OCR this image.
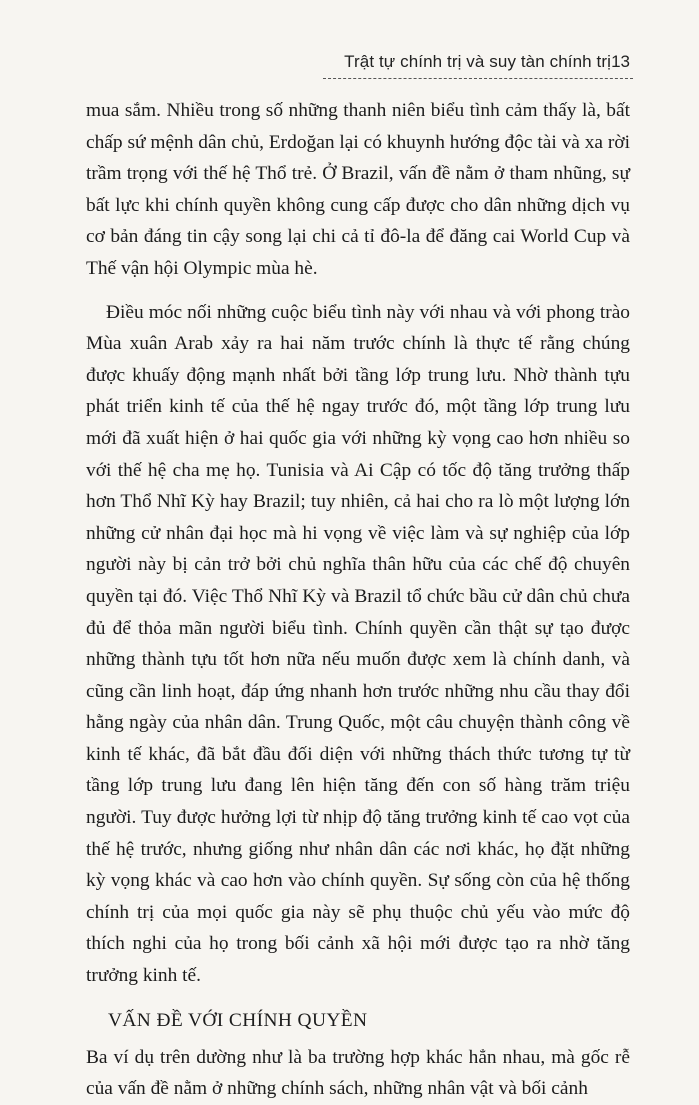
Trật tự chính trị và suy tàn chính trị 13

mua sắm. Nhiều trong số những thanh niên biểu tình cảm thấy là, bất chấp sứ mệnh dân chủ, Erdoğan lại có khuynh hướng độc tài và xa rời trầm trọng với thế hệ Thổ trẻ. Ở Brazil, vấn đề nằm ở tham nhũng, sự bất lực khi chính quyền không cung cấp được cho dân những dịch vụ cơ bản đáng tin cậy song lại chi cả tỉ đô-la để đăng cai World Cup và Thế vận hội Olympic mùa hè.

Điều móc nối những cuộc biểu tình này với nhau và với phong trào Mùa xuân Arab xảy ra hai năm trước chính là thực tế rằng chúng được khuấy động mạnh nhất bởi tầng lớp trung lưu. Nhờ thành tựu phát triển kinh tế của thế hệ ngay trước đó, một tầng lớp trung lưu mới đã xuất hiện ở hai quốc gia với những kỳ vọng cao hơn nhiều so với thế hệ cha mẹ họ. Tunisia và Ai Cập có tốc độ tăng trưởng thấp hơn Thổ Nhĩ Kỳ hay Brazil; tuy nhiên, cả hai cho ra lò một lượng lớn những cử nhân đại học mà hi vọng về việc làm và sự nghiệp của lớp người này bị cản trở bởi chủ nghĩa thân hữu của các chế độ chuyên quyền tại đó. Việc Thổ Nhĩ Kỳ và Brazil tổ chức bầu cử dân chủ chưa đủ để thỏa mãn người biểu tình. Chính quyền cần thật sự tạo được những thành tựu tốt hơn nữa nếu muốn được xem là chính danh, và cũng cần linh hoạt, đáp ứng nhanh hơn trước những nhu cầu thay đổi hằng ngày của nhân dân. Trung Quốc, một câu chuyện thành công về kinh tế khác, đã bắt đầu đối diện với những thách thức tương tự từ tầng lớp trung lưu đang lên hiện tăng đến con số hàng trăm triệu người. Tuy được hưởng lợi từ nhịp độ tăng trưởng kinh tế cao vọt của thế hệ trước, nhưng giống như nhân dân các nơi khác, họ đặt những kỳ vọng khác và cao hơn vào chính quyền. Sự sống còn của hệ thống chính trị của mọi quốc gia này sẽ phụ thuộc chủ yếu vào mức độ thích nghi của họ trong bối cảnh xã hội mới được tạo ra nhờ tăng trưởng kinh tế.

VẤN ĐỀ VỚI CHÍNH QUYỀN

Ba ví dụ trên dường như là ba trường hợp khác hẳn nhau, mà gốc rễ của vấn đề nằm ở những chính sách, những nhân vật và bối cảnh
